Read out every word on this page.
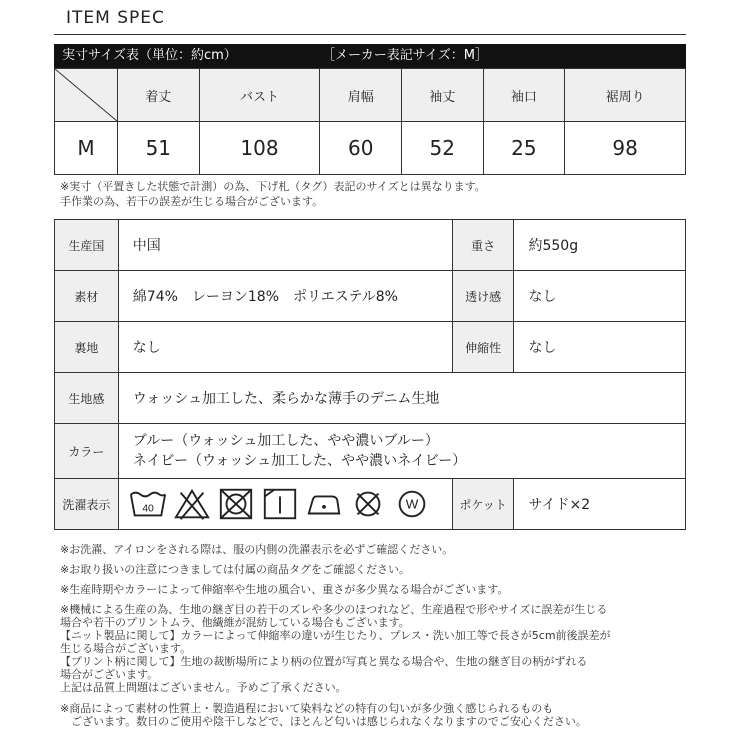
ITEM SPEC
実寸サイズ表（単位：約cm）	［メーカー表記サイズ：M］
	着丈	バスト	肩幅	袖丈	袖口	裾周り
M	51	108	60	52	25	98
※実寸（平置きした状態で計測）の為、下げ札（タグ）表記のサイズとは異なります。
手作業の為、若干の誤差が生じる場合がございます。
生産国	中国	重さ	約550g
素材	綿74%　レーヨン18%　ポリエステル8%	透け感	なし
裏地	なし	伸縮性	なし
生地感	ウォッシュ加工した、柔らかな薄手のデニム生地		
カラー	ブルー（ウォッシュ加工した、やや濃いブルー）
ネイビー（ウォッシュ加工した、やや濃いネイビー）		

洗濯表示	40 W	ポケット	サイド×2

※お洗濯、アイロンをされる際は、服の内側の洗濯表示を必ずご確認ください。

※お取り扱いの注意につきましては付属の商品タグをご確認ください。

※生産時期やカラーによって伸縮率や生地の風合い、重さが多少異なる場合がございます。

※機械による生産の為、生地の継ぎ目の若干のズレや多少のほつれなど、生産過程で形やサイズに誤差が生じる

場合や若干のプリントムラ、他繊維が混紡している場合もございます。

【ニット製品に関して】カラーによって伸縮率の違いが生じたり、プレス・洗い加工等で長さが5cm前後誤差が

生じる場合がございます。

【プリント柄に関して】生地の裁断場所により柄の位置が写真と異なる場合や、生地の継ぎ目の柄がずれる

場合がございます。

上記は品質上問題はございません。予めご了承ください。

※商品によって素材の性質上・製造過程において染料などの特有の匂いが多少強く感じられるものも

　ございます。数日のご使用や陰干しなどで、ほとんど匂いは感じられなくなりますのでご安心ください。
